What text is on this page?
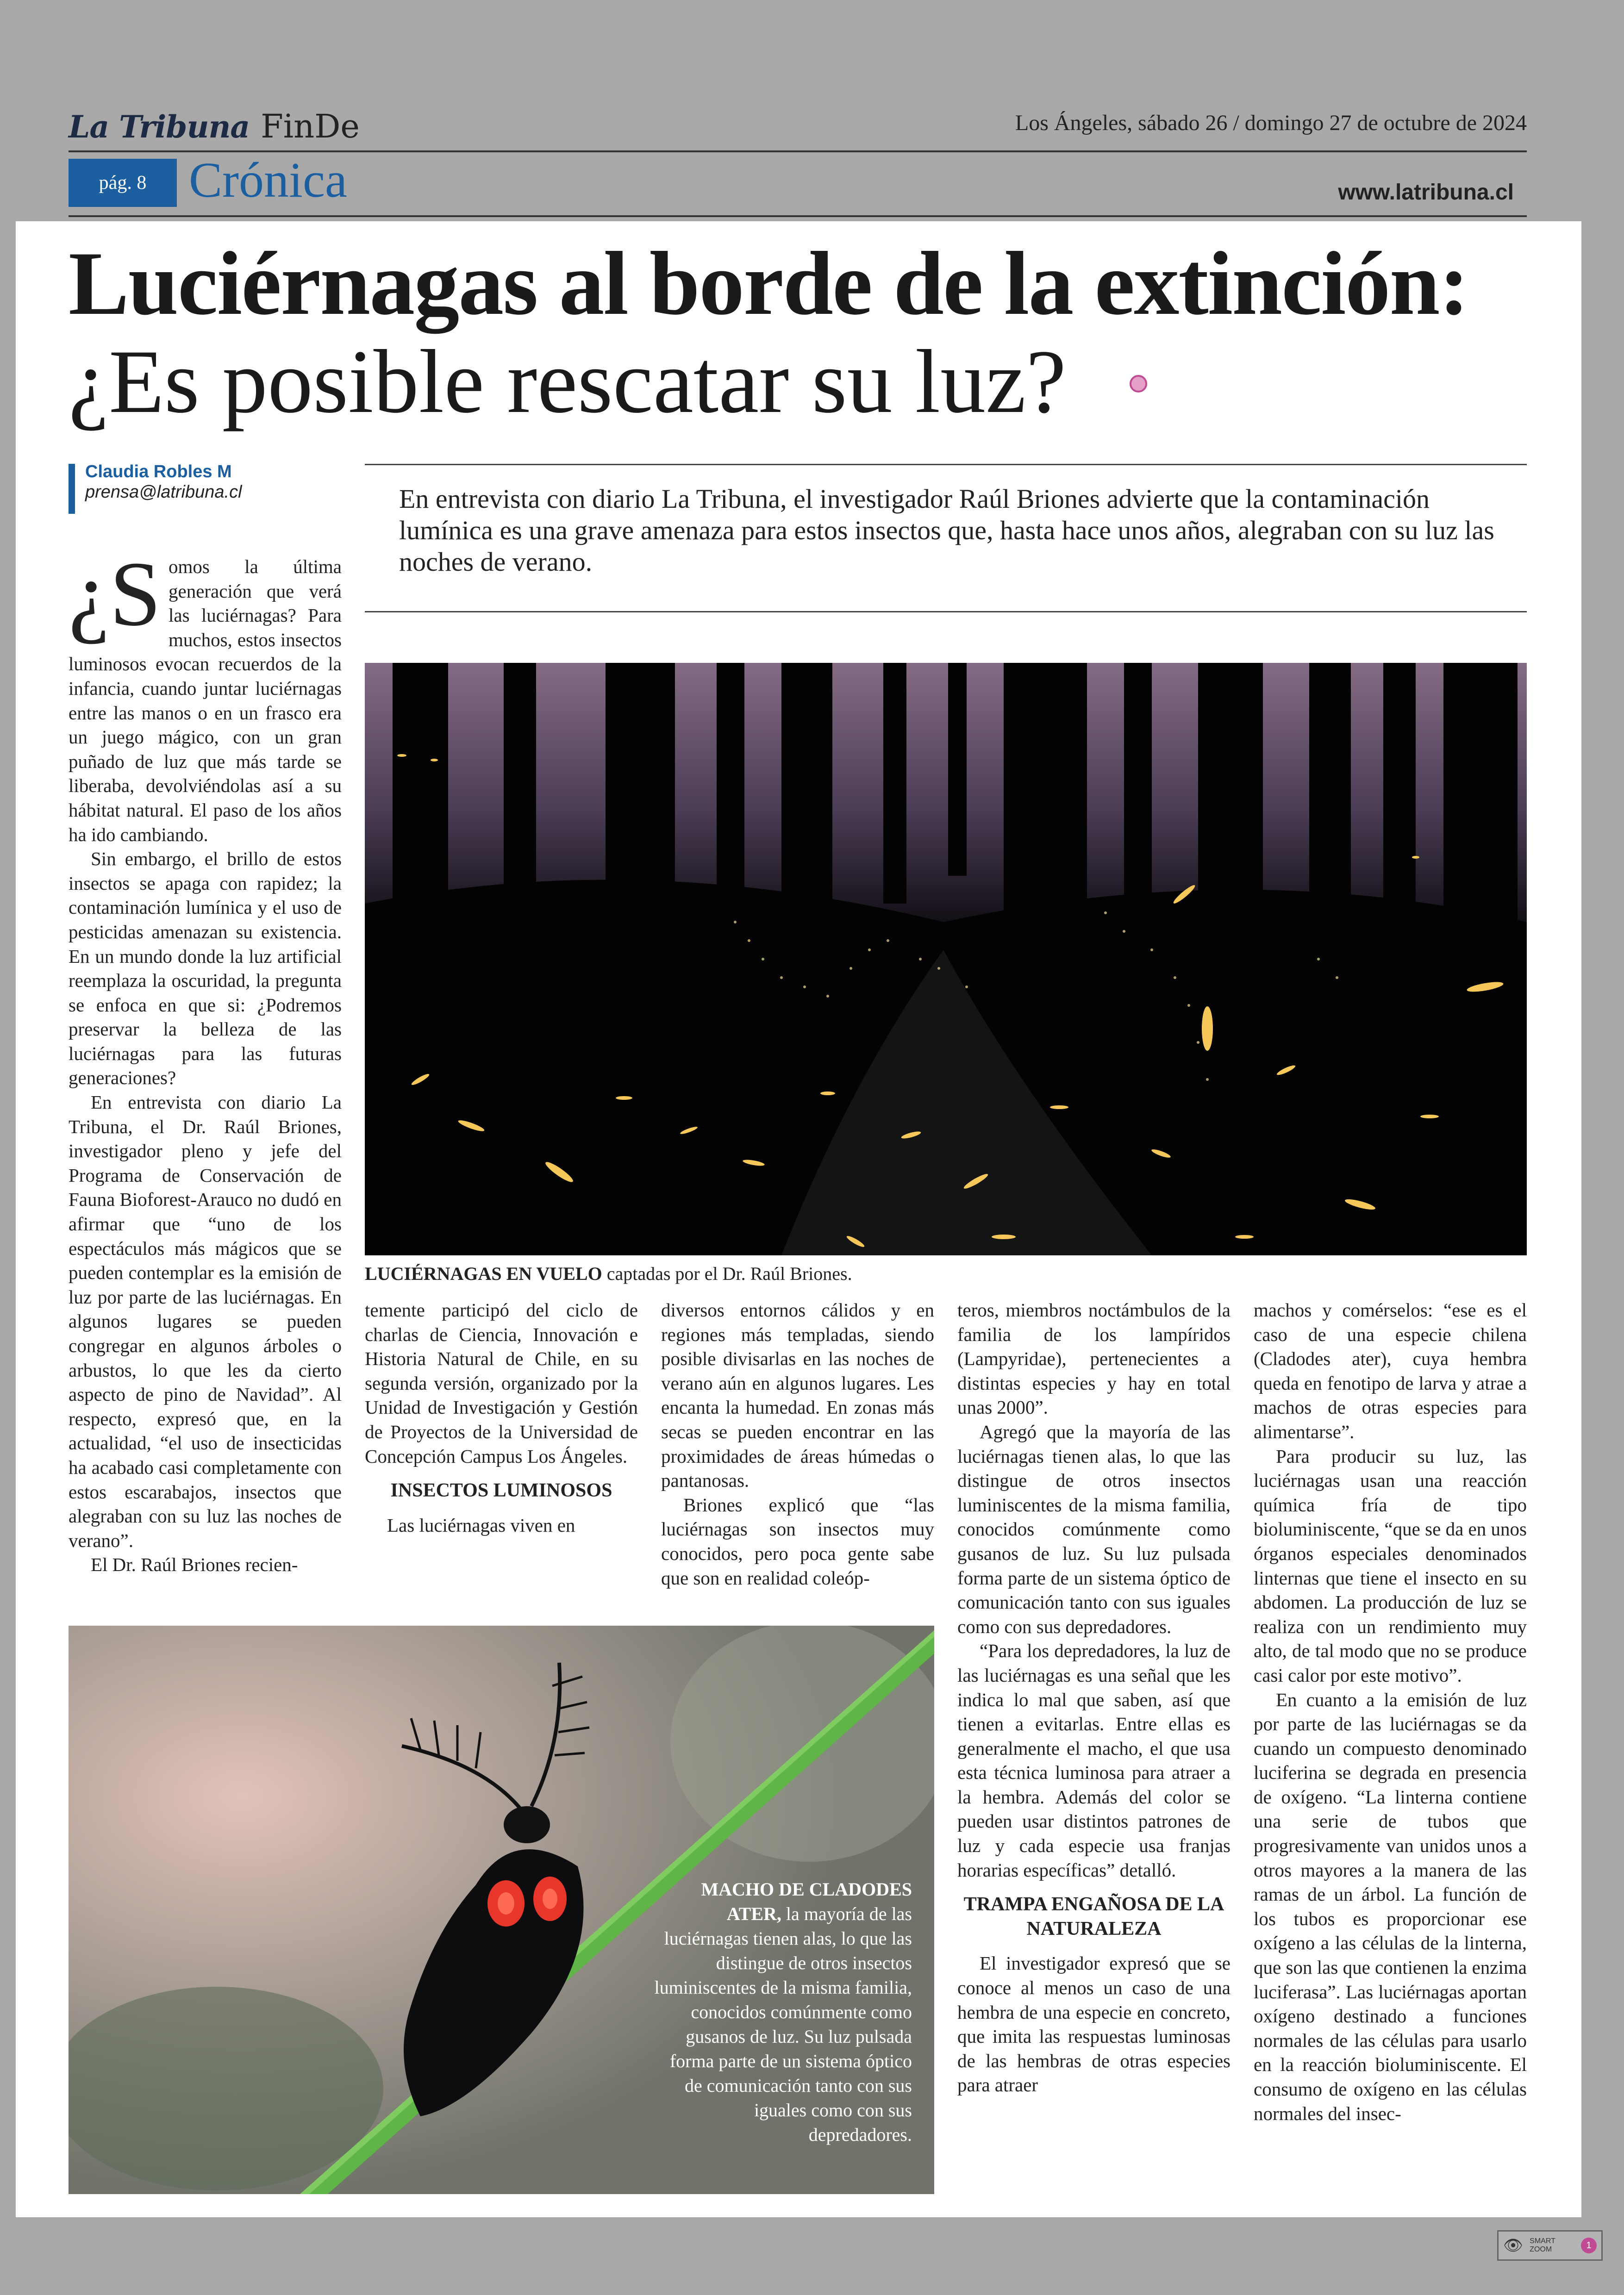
La Tribuna FinDe	Los Ángeles, sábado 26 / domingo 27 de octubre de 2024
pág. 8 Crónica	www.latribuna.cl
Luciérnagas al borde de la extinción:
¿Es posible rescatar su luz?
Claudia Robles M
prensa@latribuna.cl	En entrevista con diario La Tribuna, el investigador Raúl Briones advierte que la contaminación lumínica es una grave amenaza para estos insectos que, hasta hace unos años, alegraban con su luz las noches de verano.

¿S omos la última generación que verá las luciérnagas? Para muchos, estos insectos luminosos evocan recuerdos de la infancia, cuando juntar luciérnagas entre las manos o en un frasco era un juego mágico, con un gran puñado de luz que más tarde se liberaba, devolviéndolas así a su hábitat natural. El paso de los años ha ido cambiando.

Sin embargo, el brillo de estos insectos se apaga con rapidez; la contaminación lumínica y el uso de pesticidas amenazan su existencia. En un mundo donde la luz artificial reemplaza la oscuridad, la pregunta se enfoca en que si: ¿Podremos preservar la belleza de las luciérnagas para las futuras generaciones?

En entrevista con diario La Tribuna, el Dr. Raúl Briones, investigador pleno y jefe del Programa de Conservación de Fauna Bioforest-Arauco no dudó en afirmar que “uno de los espectáculos más mágicos que se pueden contemplar es la emisión de luz por parte de las luciérnagas. En algunos lugares se pueden congregar en algunos árboles o arbustos, lo que les da cierto aspecto de pino de Navidad”. Al respecto, expresó que, en la actualidad, “el uso de insecticidas ha acabado casi completamente con estos escarabajos, insectos que alegraban con su luz las noches de verano”.

El Dr. Raúl Briones recien-

LUCIÉRNAGAS EN VUELO captadas por el Dr. Raúl Briones.

temente participó del ciclo de charlas de Ciencia, Innovación e Historia Natural de Chile, en su segunda versión, organizado por la Unidad de Investigación y Gestión de Proyectos de la Universidad de Concepción Campus Los Ángeles.

INSECTOS LUMINOSOS

Las luciérnagas viven en

diversos entornos cálidos y en regiones más templadas, siendo posible divisarlas en las noches de verano aún en algunos lugares. Les encanta la humedad. En zonas más secas se pueden encontrar en las proximidades de áreas húmedas o pantanosas.

Briones explicó que “las luciérnagas son insectos muy conocidos, pero poca gente sabe que son en realidad coleóp-

teros, miembros noctámbulos de la familia de los lampíridos (Lampyridae), pertenecientes a distintas especies y hay en total unas 2000”.

Agregó que la mayoría de las luciérnagas tienen alas, lo que las distingue de otros insectos luminiscentes de la misma familia, conocidos comúnmente como gusanos de luz. Su luz pulsada forma parte de un sistema óptico de comunicación tanto con sus iguales como con sus depredadores.

“Para los depredadores, la luz de las luciérnagas es una señal que les indica lo mal que saben, así que tienen a evitarlas. Entre ellas es generalmente el macho, el que usa esta técnica luminosa para atraer a la hembra. Además del color se pueden usar distintos patrones de luz y cada especie usa franjas horarias específicas” detalló.

TRAMPA ENGAÑOSA DE LA NATURALEZA

El investigador expresó que se conoce al menos un caso de una hembra de una especie en concreto, que imita las respuestas luminosas de las hembras de otras especies para atraer

machos y comérselos: “ese es el caso de una especie chilena (Cladodes ater), cuya hembra queda en fenotipo de larva y atrae a machos de otras especies para alimentarse”.

Para producir su luz, las luciérnagas usan una reacción química fría de tipo bioluminiscente, “que se da en unos órganos especiales denominados linternas que tiene el insecto en su abdomen. La producción de luz se realiza con un rendimiento muy alto, de tal modo que no se produce casi calor por este motivo”.

En cuanto a la emisión de luz por parte de las luciérnagas se da cuando un compuesto denominado luciferina se degrada en presencia de oxígeno. “La linterna contiene una serie de tubos que progresivamente van unidos unos a otros mayores a la manera de las ramas de un árbol. La función de los tubos es proporcionar ese oxígeno a las células de la linterna, que son las que contienen la enzima luciferasa”. Las luciérnagas aportan oxígeno destinado a funciones normales de las células para usarlo en la reacción bioluminiscente. El consumo de oxígeno en las células normales del insec-

MACHO DE CLADODES ATER, la mayoría de las luciérnagas tienen alas, lo que las distingue de otros insectos luminiscentes de la misma familia, conocidos comúnmente como gusanos de luz. Su luz pulsada forma parte de un sistema óptico de comunicación tanto con sus iguales como con sus depredadores.
👁 SMART
ZOOM	1
